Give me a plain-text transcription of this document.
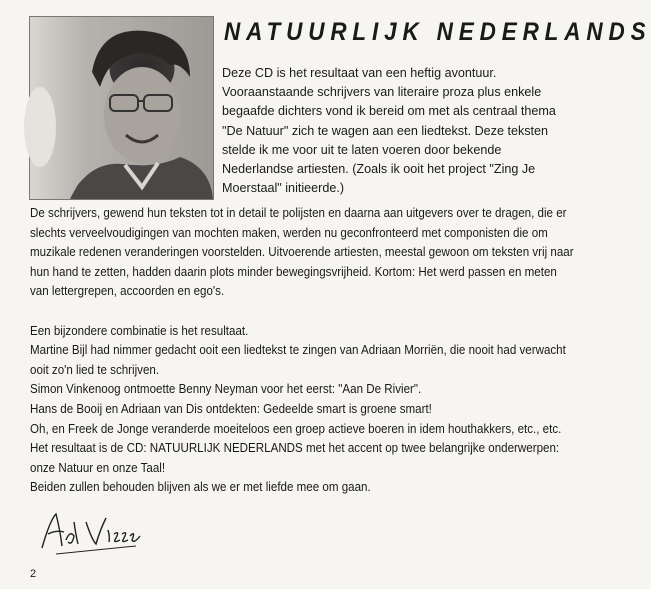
NATUURLIJK NEDERLANDS

Deze CD is het resultaat van een heftig avontuur. Vooraanstaande schrijvers van literaire proza plus enkele begaafde dichters vond ik bereid om met als centraal thema "De Natuur" zich te wagen aan een liedtekst. Deze teksten stelde ik me voor uit te laten voeren door bekende Nederlandse artiesten. (Zoals ik ooit het project "Zing Je Moerstaal" initieerde.)

De schrijvers, gewend hun teksten tot in detail te polijsten en daarna aan uitgevers over te dragen, die er slechts verveelvoudigingen van mochten maken, werden nu geconfronteerd met componisten die om muzikale redenen veranderingen voorstelden. Uitvoerende artiesten, meestal gewoon om teksten vrij naar hun hand te zetten, hadden daarin plots minder bewegingsvrijheid. Kortom: Het werd passen en meten van lettergrepen, accoorden en ego's.

Een bijzondere combinatie is het resultaat.

Martine Bijl had nimmer gedacht ooit een liedtekst te zingen van Adriaan Morriën, die nooit had verwacht ooit zo'n lied te schrijven.

Simon Vinkenoog ontmoette Benny Neyman voor het eerst: "Aan De Rivier".

Hans de Booij en Adriaan van Dis ontdekten: Gedeelde smart is groene smart!

Oh, en Freek de Jonge veranderde moeiteloos een groep actieve boeren in idem houthakkers, etc., etc.

Het resultaat is de CD: NATUURLIJK NEDERLANDS met het accent op twee belangrijke onderwerpen: onze Natuur en onze Taal!

Beiden zullen behouden blijven als we er met liefde mee om gaan.

2
